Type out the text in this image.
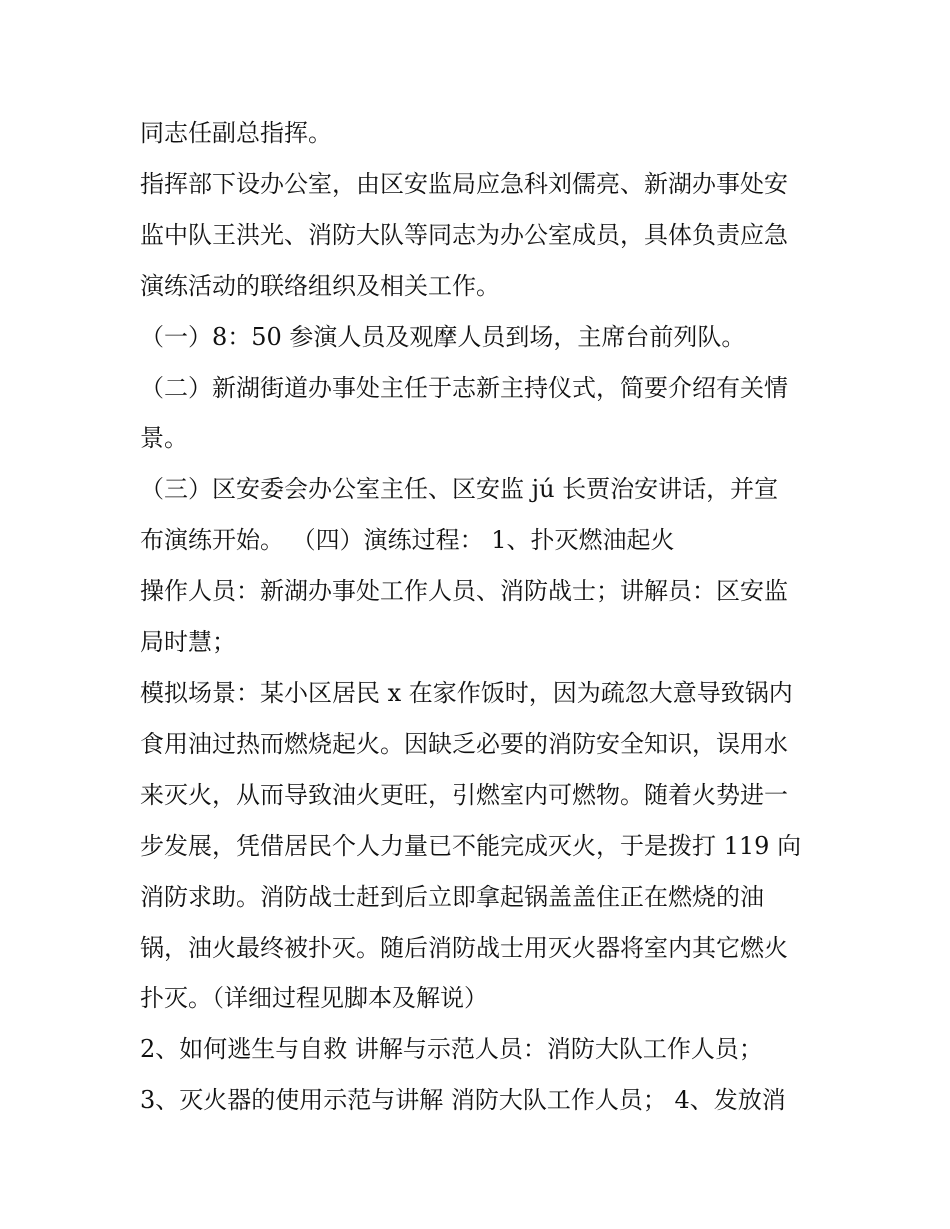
同志任副总指挥。
指挥部下设办公室，由区安监局应急科刘儒亮、新湖办事处安
监中队王洪光、消防大队等同志为办公室成员，具体负责应急
演练活动的联络组织及相关工作。
（一）8：50 参演人员及观摩人员到场，主席台前列队。
（二）新湖街道办事处主任于志新主持仪式，简要介绍有关情
景。
（三）区安委会办公室主任、区安监 jú 长贾治安讲话，并宣
布演练开始。 （四）演练过程： 1、扑灭燃油起火
操作人员：新湖办事处工作人员、消防战士；讲解员：区安监
局时慧；
模拟场景：某小区居民 x 在家作饭时，因为疏忽大意导致锅内
食用油过热而燃烧起火。因缺乏必要的消防安全知识，误用水
来灭火，从而导致油火更旺，引燃室内可燃物。随着火势进一
步发展，凭借居民个人力量已不能完成灭火，于是拨打 119 向
消防求助。消防战士赶到后立即拿起锅盖盖住正在燃烧的油
锅，油火最终被扑灭。随后消防战士用灭火器将室内其它燃火
扑灭。（详细过程见脚本及解说）
2、如何逃生与自救 讲解与示范人员：消防大队工作人员；
3、灭火器的使用示范与讲解 消防大队工作人员； 4、发放消
